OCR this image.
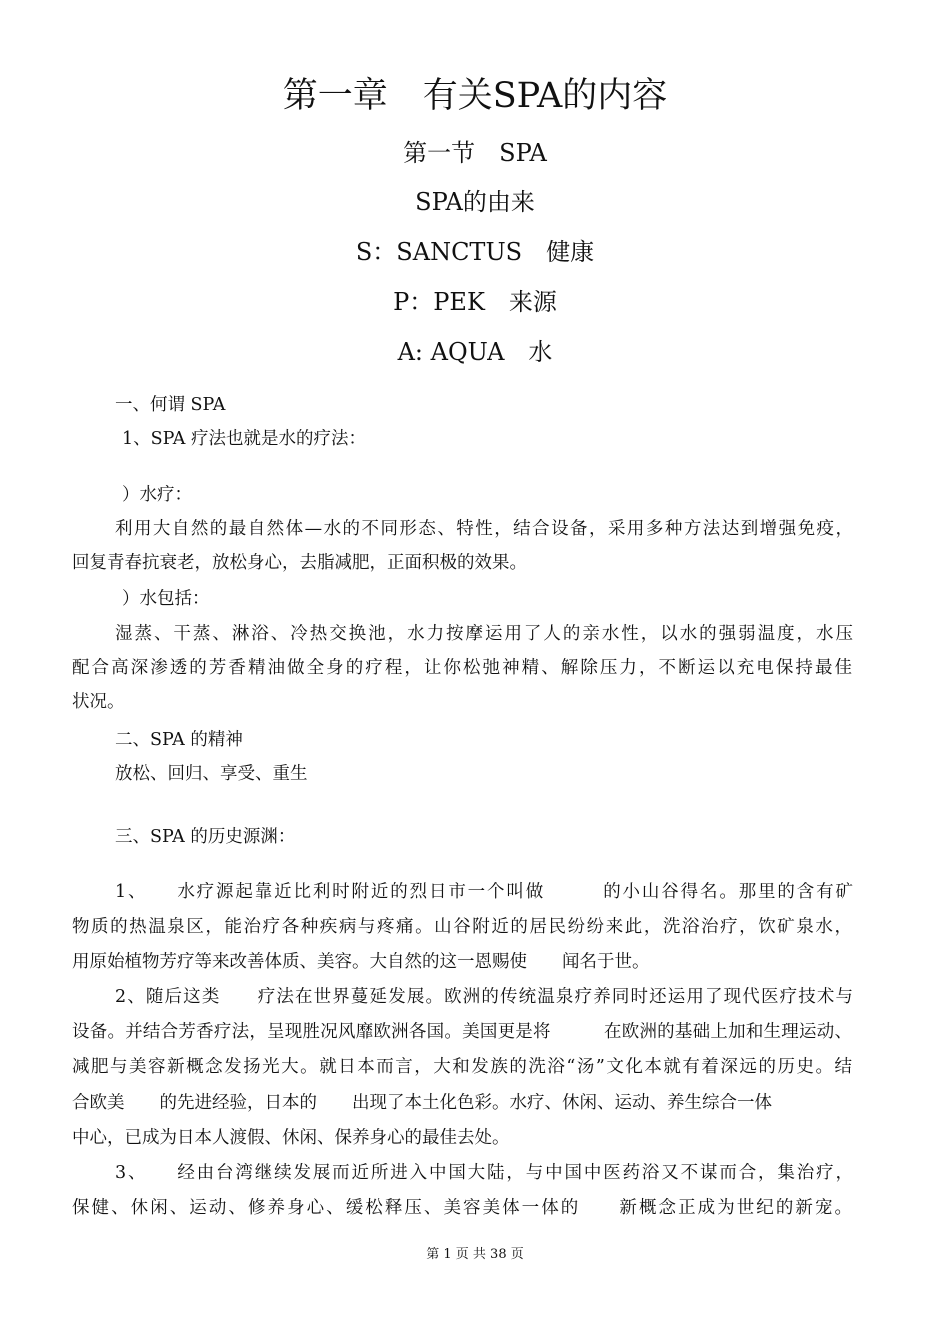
第一章　有关SPA的内容
第一节　SPA
SPA的由来
S：SANCTUS　健康
P：PEK　来源
A: AQUA　水
一、何谓 SPA
1、SPA 疗法也就是水的疗法：
）水疗：
利用大自然的最自然体—水的不同形态、特性，结合设备，采用多种方法达到增强免疫，
回复青春抗衰老，放松身心，去脂减肥，正面积极的效果。
）水包括：
湿蒸、干蒸、淋浴、冷热交换池，水力按摩运用了人的亲水性，以水的强弱温度，水压
配合高深渗透的芳香精油做全身的疗程，让你松弛神精、解除压力，不断运以充电保持最佳
状况。
二、SPA 的精神
放松、回归、享受、重生
三、SPA 的历史源渊：
1、　　水疗源起靠近比利时附近的烈日市一个叫做　　　的小山谷得名。那里的含有矿
物质的热温泉区，能治疗各种疾病与疼痛。山谷附近的居民纷纷来此，洗浴治疗，饮矿泉水，
用原始植物芳疗等来改善体质、美容。大自然的这一恩赐使　　闻名于世。
2、随后这类　　疗法在世界蔓延发展。欧洲的传统温泉疗养同时还运用了现代医疗技术与
设备。并结合芳香疗法，呈现胜况风靡欧洲各国。美国更是将　　　在欧洲的基础上加和生理运动、
减肥与美容新概念发扬光大。就日本而言，大和发族的洗浴“汤”文化本就有着深远的历史。结
合欧美　　的先进经验，日本的　　出现了本土化色彩。水疗、休闲、运动、养生综合一体
中心，已成为日本人渡假、休闲、保养身心的最佳去处。
3、　　经由台湾继续发展而近所进入中国大陆，与中国中医药浴又不谋而合，集治疗，
保健、休闲、运动、修养身心、缓松释压、美容美体一体的　　新概念正成为世纪的新宠。
第 1 页 共 38 页
